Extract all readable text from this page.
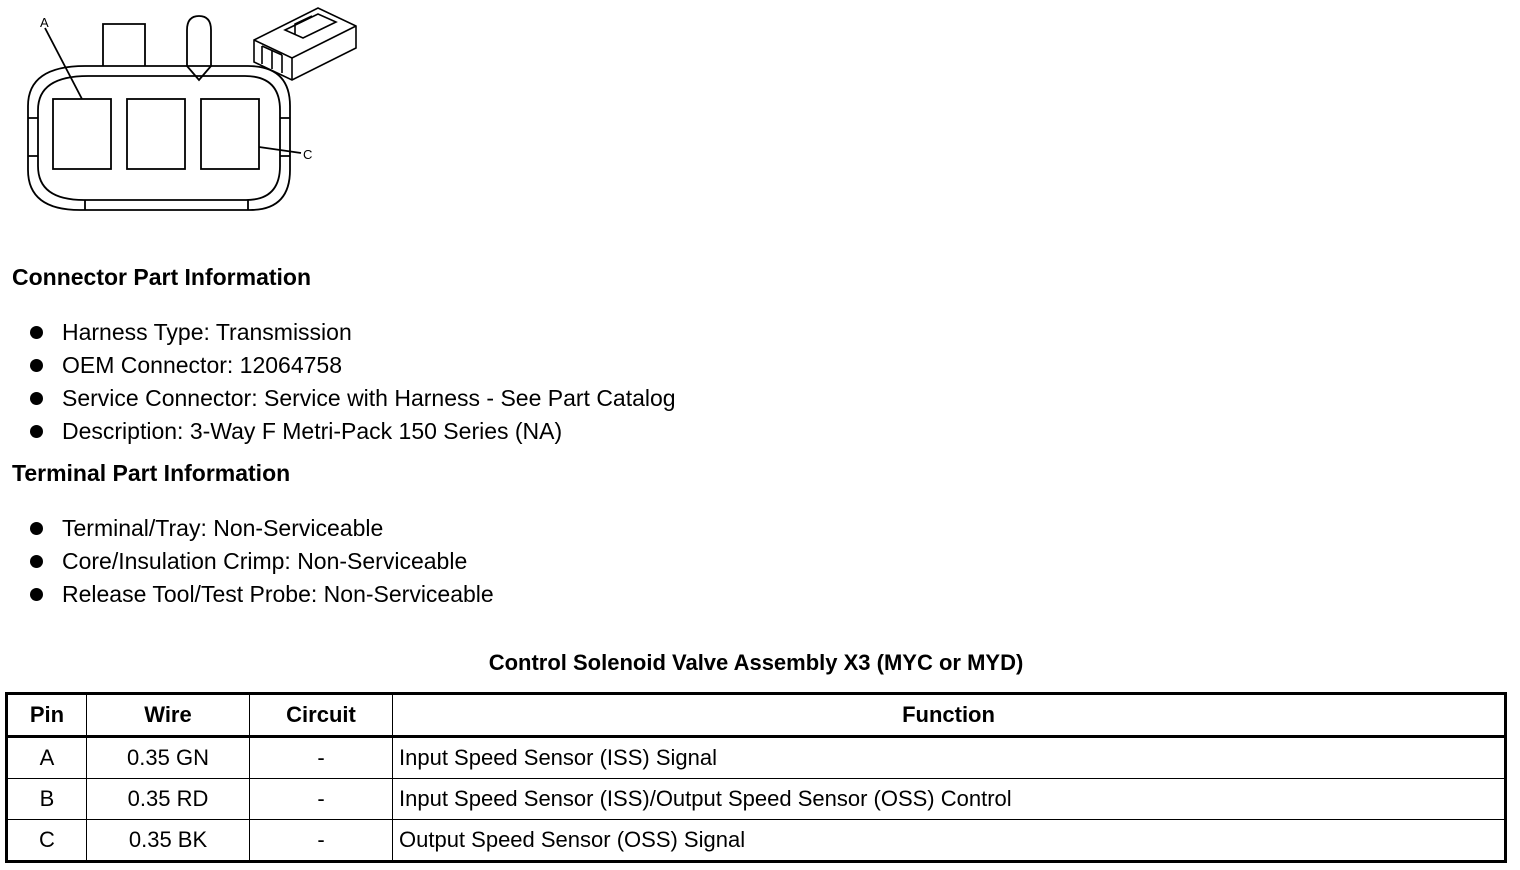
A
C
Connector Part Information
Harness Type: Transmission
OEM Connector: 12064758
Service Connector: Service with Harness - See Part Catalog
Description: 3-Way F Metri-Pack 150 Series (NA)
Terminal Part Information
Terminal/Tray: Non-Serviceable
Core/Insulation Crimp: Non-Serviceable
Release Tool/Test Probe: Non-Serviceable
Control Solenoid Valve Assembly X3 (MYC or MYD)
Pin	Wire	Circuit	Function
A	0.35 GN	-	Input Speed Sensor (ISS) Signal
B	0.35 RD	-	Input Speed Sensor (ISS)/Output Speed Sensor (OSS) Control
C	0.35 BK	-	Output Speed Sensor (OSS) Signal
